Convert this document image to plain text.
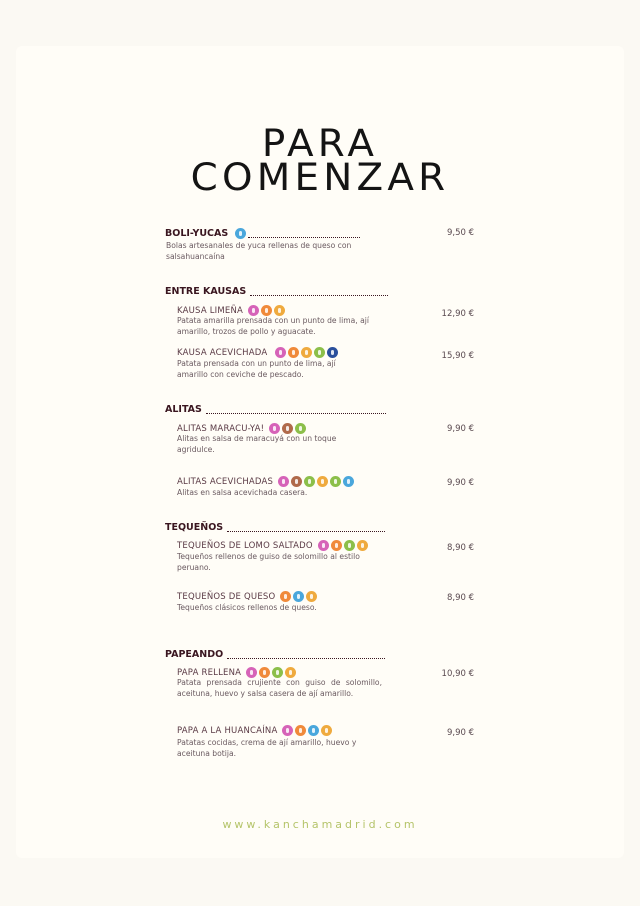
PARA
COMENZAR
BOLI-YUCAS	9,50 €
Bolas artesanales de yuca rellenas de queso con salsahuancaína
ENTRE KAUSAS
KAUSA LIMEÑA	12,90 €
Patata amarilla prensada con un punto de lima, ají amarillo, trozos de pollo y aguacate.
KAUSA ACEVICHADA	15,90 €
Patata prensada con un punto de lima, ají amarillo con ceviche de pescado.
ALITAS
ALITAS MARACU-YA!	9,90 €
Alitas en salsa de maracuyá con un toque agridulce.
ALITAS ACEVICHADAS	9,90 €
Alitas en salsa acevichada casera.
TEQUEÑOS
TEQUEÑOS DE LOMO SALTADO	8,90 €
Tequeños rellenos de guiso de solomillo al estilo peruano.
TEQUEÑOS DE QUESO	8,90 €
Tequeños clásicos rellenos de queso.
PAPEANDO
PAPA RELLENA	10,90 €
Patata prensada crujiente con guiso de solomillo, aceituna, huevo y salsa casera de ají amarillo.
PAPA A LA HUANCAÍNA	9,90 €
Patatas cocidas, crema de ají amarillo, huevo y aceituna botija.
www.kanchamadrid.com
